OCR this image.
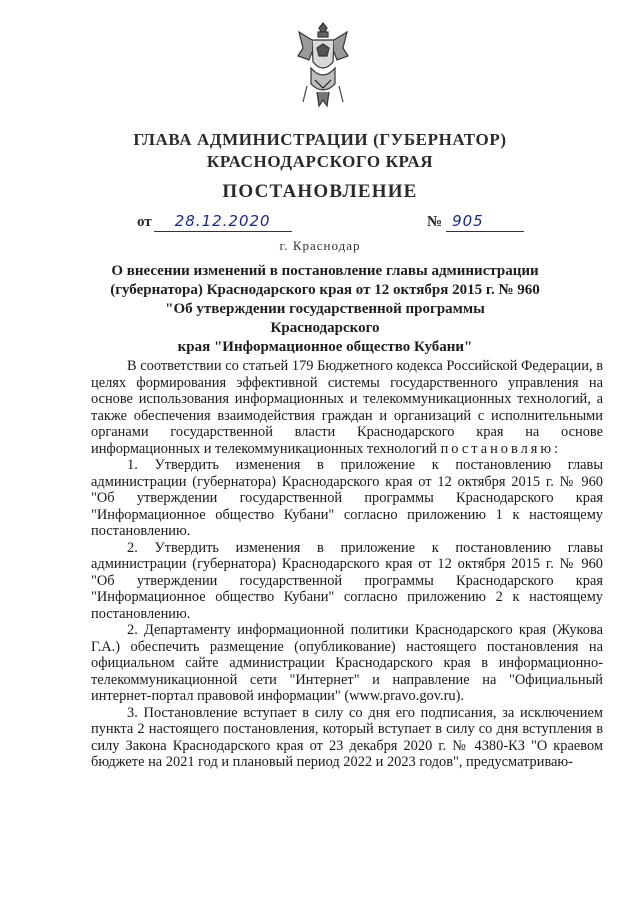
ГЛАВА АДМИНИСТРАЦИИ (ГУБЕРНАТОР)
КРАСНОДАРСКОГО КРАЯ
ПОСТАНОВЛЕНИЕ
от 28.12.2020	№ 905
г. Краснодар
О внесении изменений в постановление главы администрации
(губернатора) Краснодарского края от 12 октября 2015 г. № 960
"Об утверждении государственной программы Краснодарского
края "Информационное общество Кубани"

В соответствии со статьей 179 Бюджетного кодекса Российской Федерации, в целях формирования эффективной системы государственного управления на основе использования информационных и телекоммуникационных технологий, а также обеспечения взаимодействия граждан и организаций с исполнительными органами государственной власти Краснодарского края на основе информационных и телекоммуникационных технологий постановляю:

1. Утвердить изменения в приложение к постановлению главы администрации (губернатора) Краснодарского края от 12 октября 2015 г. № 960 "Об утверждении государственной программы Краснодарского края "Информационное общество Кубани" согласно приложению 1 к настоящему постановлению.

2. Утвердить изменения в приложение к постановлению главы администрации (губернатора) Краснодарского края от 12 октября 2015 г. № 960 "Об утверждении государственной программы Краснодарского края "Информационное общество Кубани" согласно приложению 2 к настоящему постановлению.

2. Департаменту информационной политики Краснодарского края (Жукова Г.А.) обеспечить размещение (опубликование) настоящего постановления на официальном сайте администрации Краснодарского края в информационно-телекоммуникационной сети "Интернет" и направление на "Официальный интернет-портал правовой информации" (www.pravo.gov.ru).

3. Постановление вступает в силу со дня его подписания, за исключением пункта 2 настоящего постановления, который вступает в силу со дня вступления в силу Закона Краснодарского края от 23 декабря 2020 г. № 4380-КЗ "О краевом бюджете на 2021 год и плановый период 2022 и 2023 годов", предусматриваю-
